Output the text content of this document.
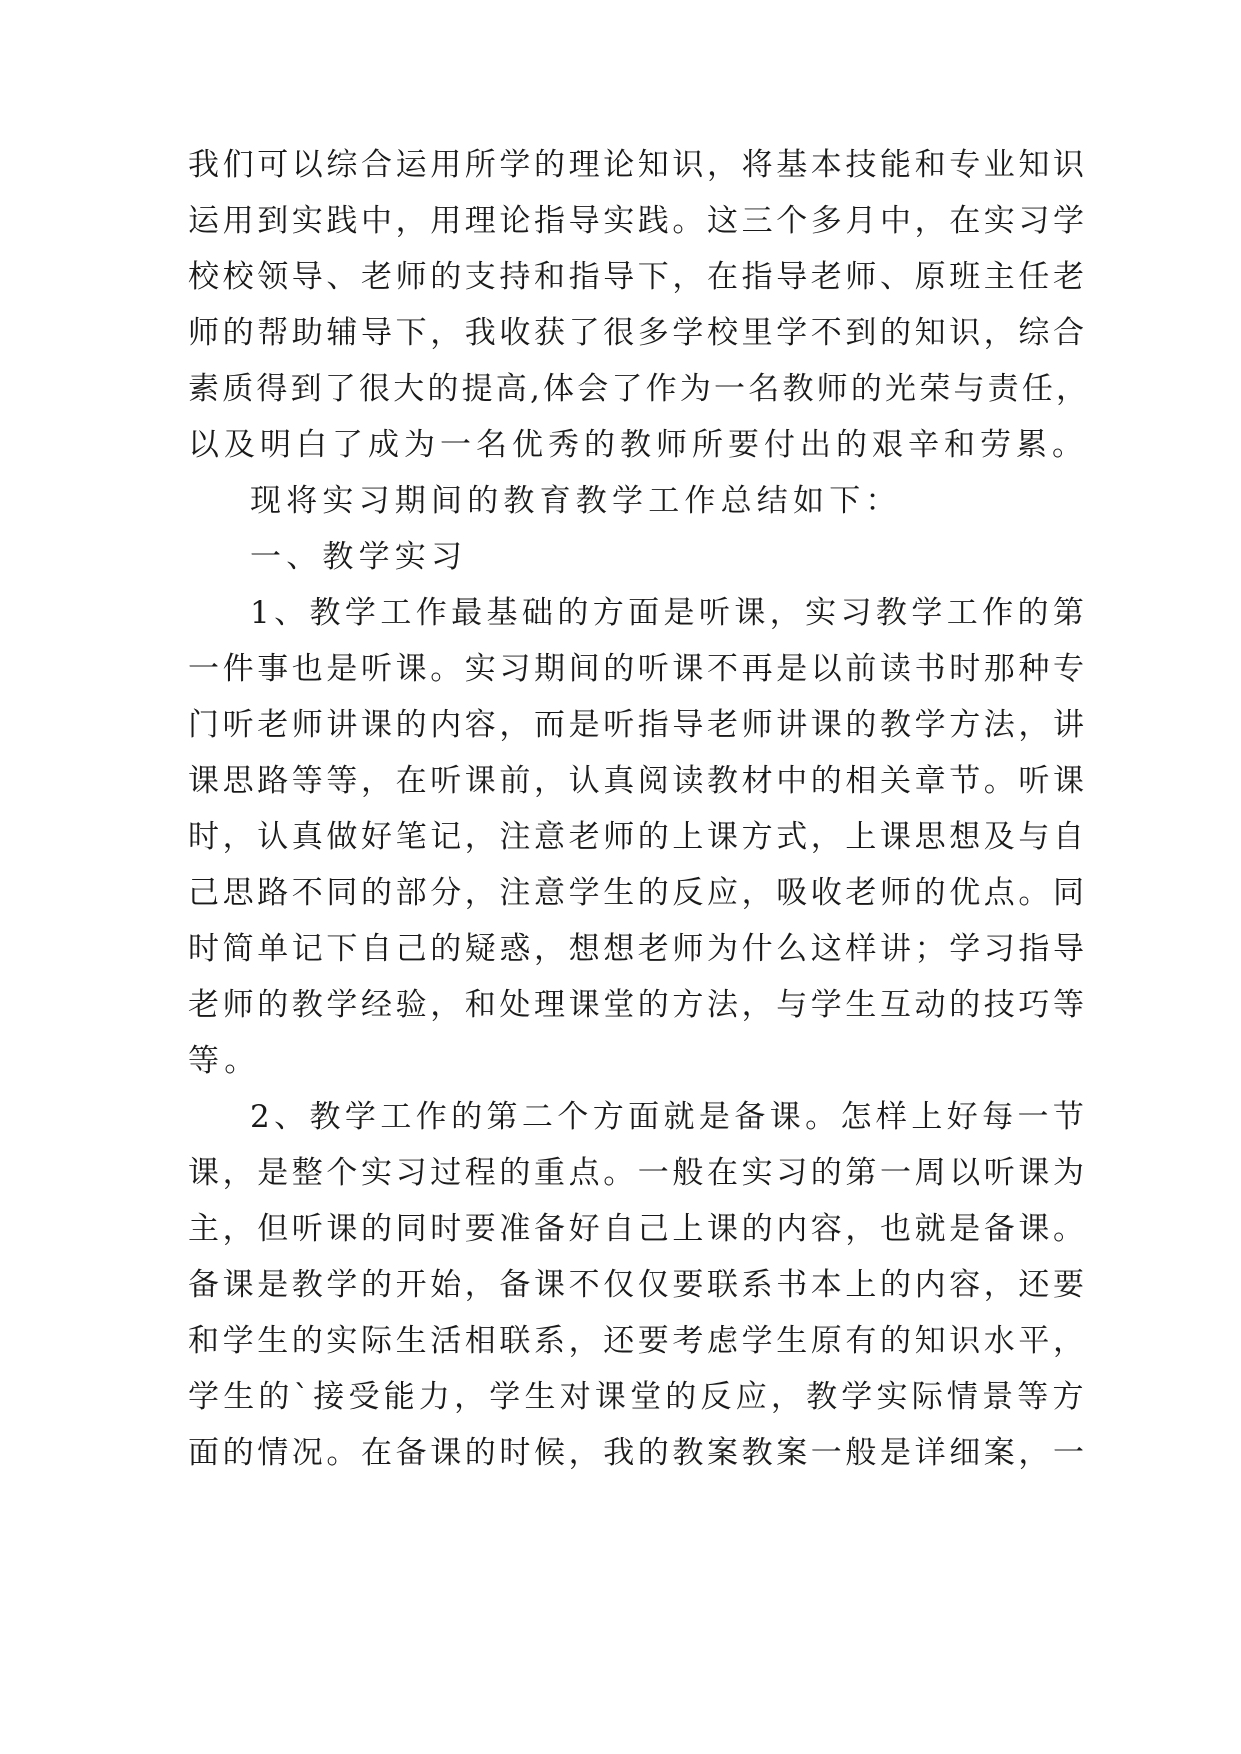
我们可以综合运用所学的理论知识，将基本技能和专业知识
运用到实践中，用理论指导实践。这三个多月中，在实习学
校校领导、老师的支持和指导下，在指导老师、原班主任老
师的帮助辅导下，我收获了很多学校里学不到的知识，综合
素质得到了很大的提高,体会了作为一名教师的光荣与责任，
以及明白了成为一名优秀的教师所要付出的艰辛和劳累。
现将实习期间的教育教学工作总结如下：
一、教学实习
1、教学工作最基础的方面是听课，实习教学工作的第
一件事也是听课。实习期间的听课不再是以前读书时那种专
门听老师讲课的内容，而是听指导老师讲课的教学方法，讲
课思路等等，在听课前，认真阅读教材中的相关章节。听课
时，认真做好笔记，注意老师的上课方式，上课思想及与自
己思路不同的部分，注意学生的反应，吸收老师的优点。同
时简单记下自己的疑惑，想想老师为什么这样讲；学习指导
老师的教学经验，和处理课堂的方法，与学生互动的技巧等
等。
2、教学工作的第二个方面就是备课。怎样上好每一节
课，是整个实习过程的重点。一般在实习的第一周以听课为
主，但听课的同时要准备好自己上课的内容，也就是备课。
备课是教学的开始，备课不仅仅要联系书本上的内容，还要
和学生的实际生活相联系，还要考虑学生原有的知识水平，
学生的`接受能力，学生对课堂的反应，教学实际情景等方
面的情况。在备课的时候，我的教案教案一般是详细案，一
